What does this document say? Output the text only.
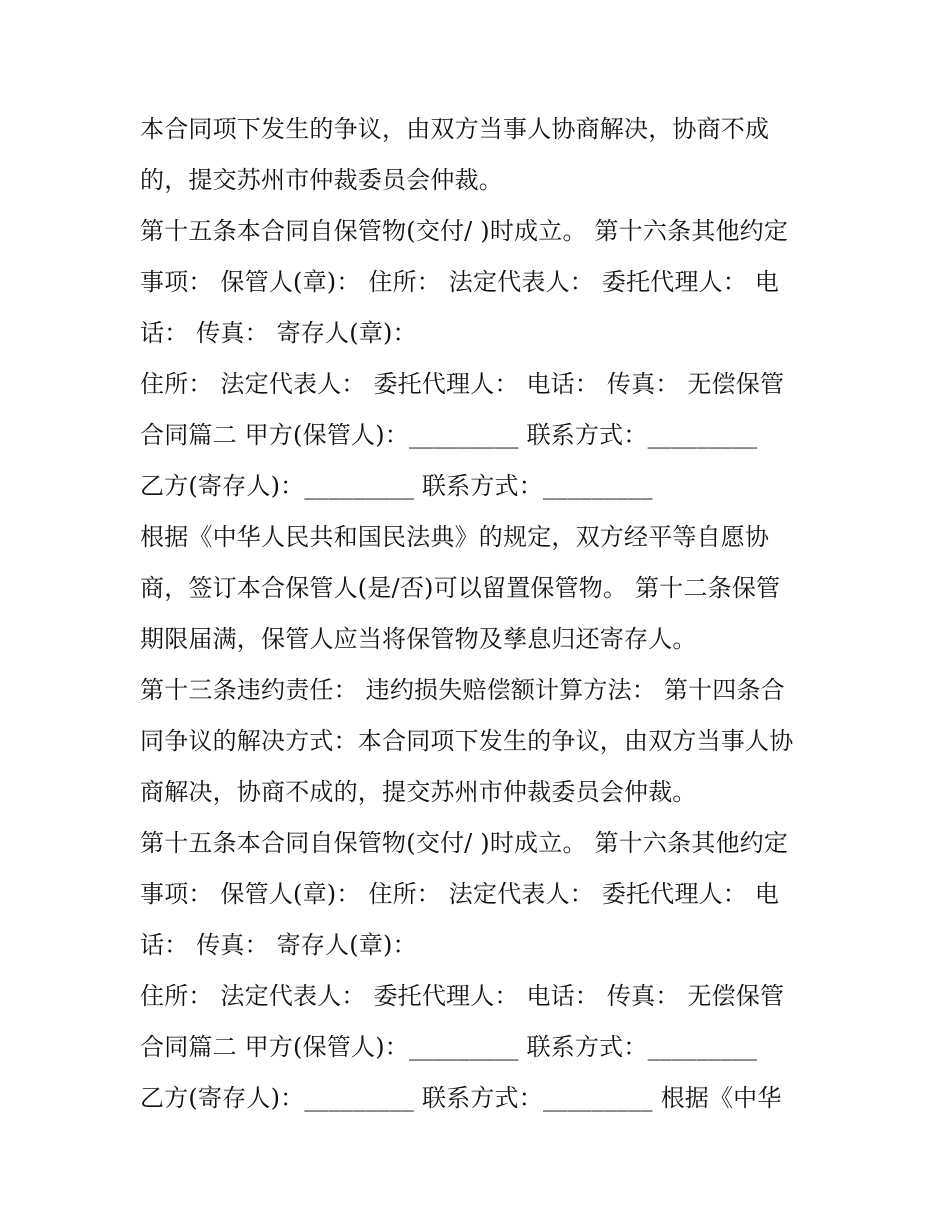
本合同项下发生的争议，由双方当事人协商解决，协商不成
的，提交苏州市仲裁委员会仲裁。
第十五条本合同自保管物(交付/ )时成立。 第十六条其他约定
事项： 保管人(章)： 住所： 法定代表人： 委托代理人： 电
话： 传真： 寄存人(章)：
住所： 法定代表人： 委托代理人： 电话： 传真： 无偿保管
合同篇二 甲方(保管人)：_________ 联系方式：_________
乙方(寄存人)：_________ 联系方式：_________
根据《中华人民共和国民法典》的规定，双方经平等自愿协
商，签订本合保管人(是/否)可以留置保管物。 第十二条保管
期限届满，保管人应当将保管物及孳息归还寄存人。
第十三条违约责任： 违约损失赔偿额计算方法： 第十四条合
同争议的解决方式：本合同项下发生的争议，由双方当事人协
商解决，协商不成的，提交苏州市仲裁委员会仲裁。
第十五条本合同自保管物(交付/ )时成立。 第十六条其他约定
事项： 保管人(章)： 住所： 法定代表人： 委托代理人： 电
话： 传真： 寄存人(章)：
住所： 法定代表人： 委托代理人： 电话： 传真： 无偿保管
合同篇二 甲方(保管人)：_________ 联系方式：_________
乙方(寄存人)：_________ 联系方式：_________ 根据《中华
